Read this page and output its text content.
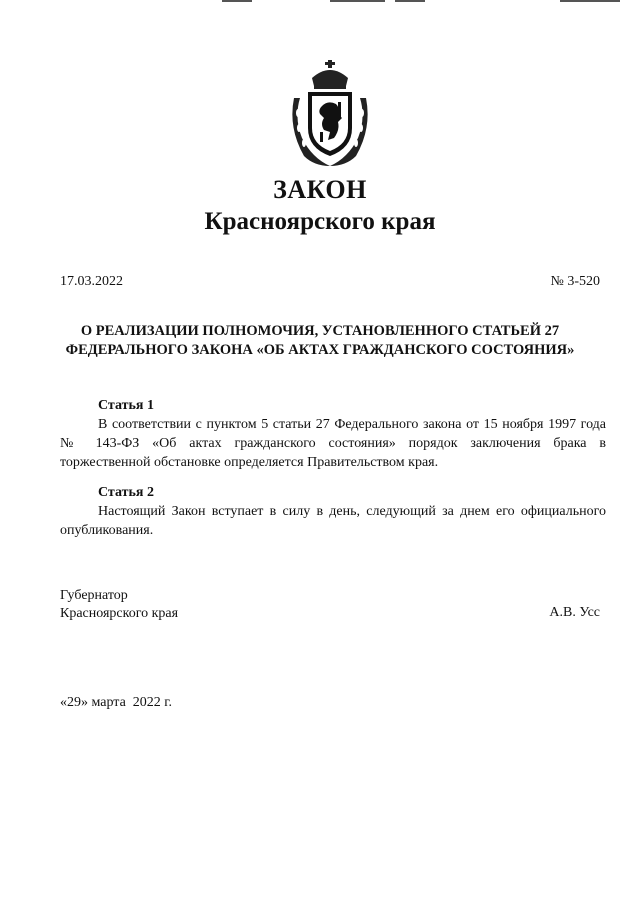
ЗАКОН
Красноярского края
17.03.2022	№ 3-520
О РЕАЛИЗАЦИИ ПОЛНОМОЧИЯ, УСТАНОВЛЕННОГО СТАТЬЕЙ 27
ФЕДЕРАЛЬНОГО ЗАКОНА «ОБ АКТАХ ГРАЖДАНСКОГО СОСТОЯНИЯ»
Статья 1
В соответствии с пунктом 5 статьи 27 Федерального закона от 15 ноября 1997 года № 143-ФЗ «Об актах гражданского состояния» порядок заключения брака в торжественной обстановке определяется Правительством края.
Статья 2
Настоящий Закон вступает в силу в день, следующий за днем его официального опубликования.
Губернатор
Красноярского края	А.В. Усс
«29» марта  2022 г.
